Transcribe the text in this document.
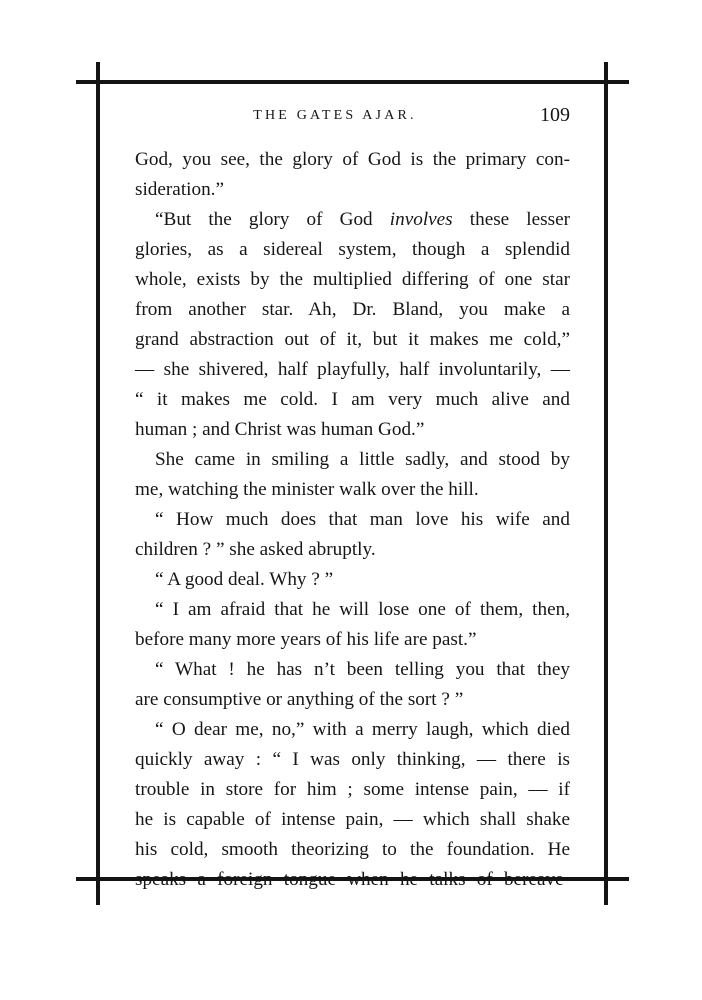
THE GATES AJAR.	109
God, you see, the glory of God is the primary con-
sideration.”
“But the glory of God involves these lesser
glories, as a sidereal system, though a splendid
whole, exists by the multiplied differing of one star
from another star. Ah, Dr. Bland, you make a
grand abstraction out of it, but it makes me cold,”
— she shivered, half playfully, half involuntarily, —
“ it makes me cold. I am very much alive and
human ; and Christ was human God.”
She came in smiling a little sadly, and stood by
me, watching the minister walk over the hill.
“ How much does that man love his wife and
children ? ” she asked abruptly.
“ A good deal. Why ? ”
“ I am afraid that he will lose one of them, then,
before many more years of his life are past.”
“ What ! he has n’t been telling you that they
are consumptive or anything of the sort ? ”
“ O dear me, no,” with a merry laugh, which died
quickly away : “ I was only thinking, — there is
trouble in store for him ; some intense pain, — if
he is capable of intense pain, — which shall shake
his cold, smooth theorizing to the foundation. He
speaks a foreign tongue when he talks of bereave-
